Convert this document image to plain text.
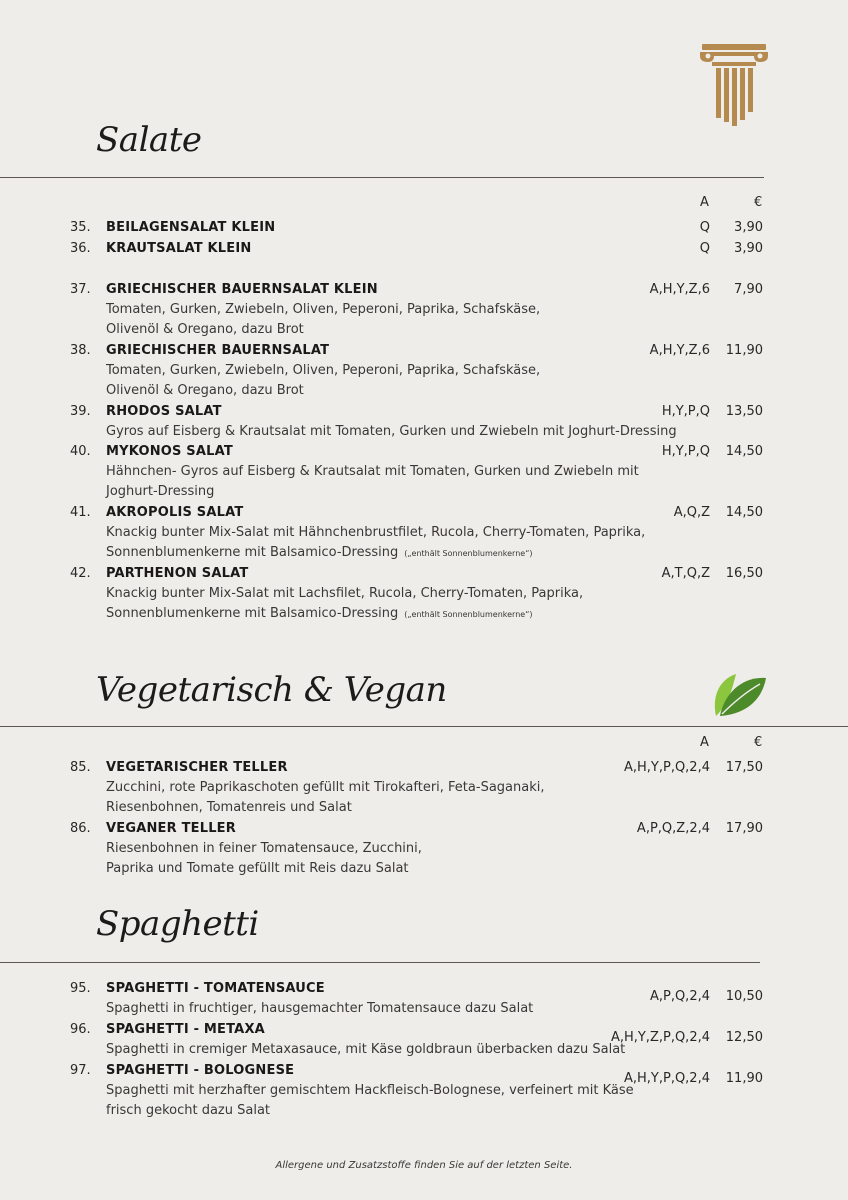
Salate
A	€
35. BEILAGENSALAT KLEIN	Q 3,90
36. KRAUTSALAT KLEIN	Q 3,90
37. GRIECHISCHER BAUERNSALAT KLEIN	A,H,Y,Z,6 7,90
Tomaten, Gurken, Zwiebeln, Oliven, Peperoni, Paprika, Schafskäse,
Olivenöl & Oregano, dazu Brot
38. GRIECHISCHER BAUERNSALAT	A,H,Y,Z,6 11,90
Tomaten, Gurken, Zwiebeln, Oliven, Peperoni, Paprika, Schafskäse,
Olivenöl & Oregano, dazu Brot
39. RHODOS SALAT	H,Y,P,Q 13,50
Gyros auf Eisberg & Krautsalat mit Tomaten, Gurken und Zwiebeln mit Joghurt-Dressing
40. MYKONOS SALAT	H,Y,P,Q 14,50
Hähnchen- Gyros auf Eisberg & Krautsalat mit Tomaten, Gurken und Zwiebeln mit
Joghurt-Dressing
41. AKROPOLIS SALAT	A,Q,Z 14,50
Knackig bunter Mix-Salat mit Hähnchenbrustfilet, Rucola, Cherry-Tomaten, Paprika,
Sonnenblumenkerne mit Balsamico-Dressing („enthält Sonnenblumenkerne“)
42. PARTHENON SALAT	A,T,Q,Z 16,50
Knackig bunter Mix-Salat mit Lachsfilet, Rucola, Cherry-Tomaten, Paprika,
Sonnenblumenkerne mit Balsamico-Dressing („enthält Sonnenblumenkerne“)
Vegetarisch & Vegan
A	€
85. VEGETARISCHER TELLER	A,H,Y,P,Q,2,4 17,50
Zucchini, rote Paprikaschoten gefüllt mit Tirokafteri, Feta-Saganaki,
Riesenbohnen, Tomatenreis und Salat
86. VEGANER TELLER	A,P,Q,Z,2,4 17,90
Riesenbohnen in feiner Tomatensauce, Zucchini,
Paprika und Tomate gefüllt mit Reis dazu Salat
Spaghetti
95. SPAGHETTI - TOMATENSAUCE
A,P,Q,2,4 10,50
Spaghetti in fruchtiger, hausgemachter Tomatensauce dazu Salat
96. SPAGHETTI - METAXA
A,H,Y,Z,P,Q,2,4 12,50
Spaghetti in cremiger Metaxasauce, mit Käse goldbraun überbacken dazu Salat
97. SPAGHETTI - BOLOGNESE
A,H,Y,P,Q,2,4 11,90
Spaghetti mit herzhafter gemischtem Hackfleisch-Bolognese, verfeinert mit Käse
frisch gekocht dazu Salat
Allergene und Zusatzstoffe finden Sie auf der letzten Seite.
